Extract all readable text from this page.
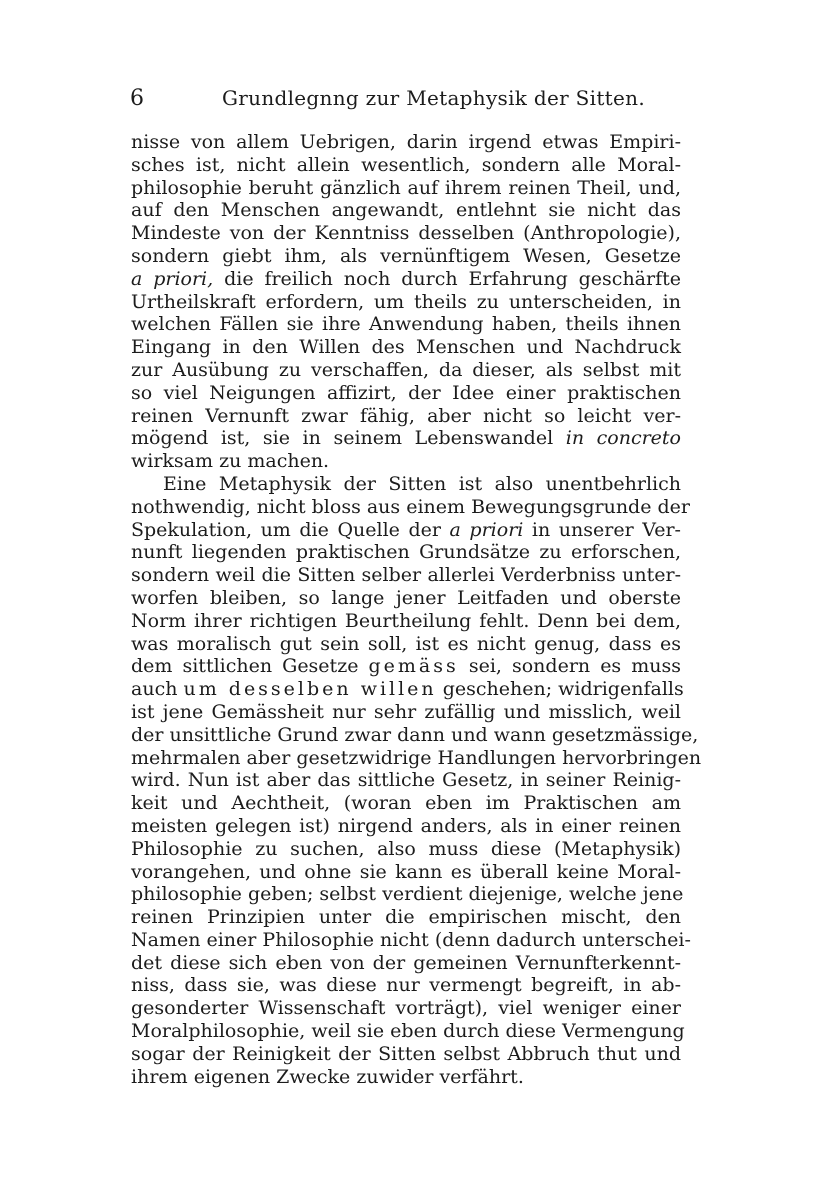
6	Grundlegnng zur Metaphysik der Sitten.
nisse von allem Uebrigen, darin irgend etwas Empiri-
sches ist, nicht allein wesentlich, sondern alle Moral-
philosophie beruht gänzlich auf ihrem reinen Theil, und,
auf den Menschen angewandt, entlehnt sie nicht das
Mindeste von der Kenntniss desselben (Anthropologie),
sondern giebt ihm, als vernünftigem Wesen, Gesetze
a priori, die freilich noch durch Erfahrung geschärfte
Urtheilskraft erfordern, um theils zu unterscheiden, in
welchen Fällen sie ihre Anwendung haben, theils ihnen
Eingang in den Willen des Menschen und Nachdruck
zur Ausübung zu verschaffen, da dieser, als selbst mit
so viel Neigungen affizirt, der Idee einer praktischen
reinen Vernunft zwar fähig, aber nicht so leicht ver-
mögend ist, sie in seinem Lebenswandel in concreto
wirksam zu machen.
Eine Metaphysik der Sitten ist also unentbehrlich
nothwendig, nicht bloss aus einem Bewegungsgrunde der
Spekulation, um die Quelle der a priori in unserer Ver-
nunft liegenden praktischen Grundsätze zu erforschen,
sondern weil die Sitten selber allerlei Verderbniss unter-
worfen bleiben, so lange jener Leitfaden und oberste
Norm ihrer richtigen Beurtheilung fehlt. Denn bei dem,
was moralisch gut sein soll, ist es nicht genug, dass es
dem sittlichen Gesetze gemäss sei, sondern es muss
auch um desselben willen geschehen; widrigenfalls
ist jene Gemässheit nur sehr zufällig und misslich, weil
der unsittliche Grund zwar dann und wann gesetzmässige,
mehrmalen aber gesetzwidrige Handlungen hervorbringen
wird. Nun ist aber das sittliche Gesetz, in seiner Reinig-
keit und Aechtheit, (woran eben im Praktischen am
meisten gelegen ist) nirgend anders, als in einer reinen
Philosophie zu suchen, also muss diese (Metaphysik)
vorangehen, und ohne sie kann es überall keine Moral-
philosophie geben; selbst verdient diejenige, welche jene
reinen Prinzipien unter die empirischen mischt, den
Namen einer Philosophie nicht (denn dadurch unterschei-
det diese sich eben von der gemeinen Vernunfterkennt-
niss, dass sie, was diese nur vermengt begreift, in ab-
gesonderter Wissenschaft vorträgt), viel weniger einer
Moralphilosophie, weil sie eben durch diese Vermengung
sogar der Reinigkeit der Sitten selbst Abbruch thut und
ihrem eigenen Zwecke zuwider verfährt.
